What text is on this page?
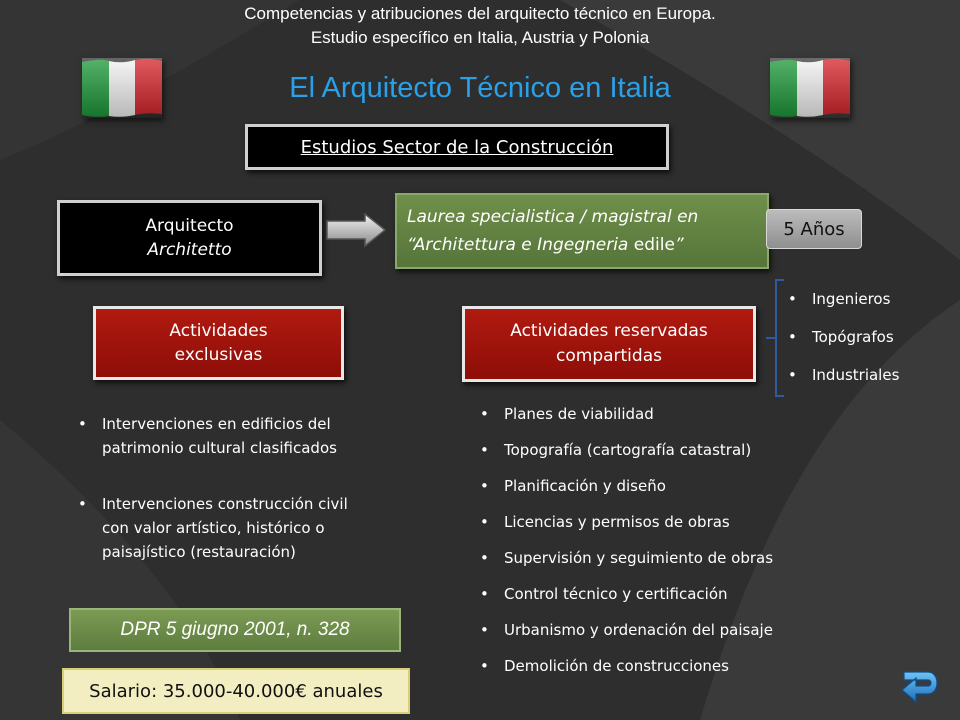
Competencias y atribuciones del arquitecto técnico en Europa.
Estudio específico en Italia, Austria y Polonia
El Arquitecto Técnico en Italia
Estudios Sector de la Construcción
Arquitecto
Architetto
Laurea specialistica / magistral en
“Architettura e Ingegneria edile”
5 Años
Actividades
exclusivas
Actividades reservadas
compartidas
• Ingenieros
• Topógrafos
• Industriales
• Intervenciones en edificios del
patrimonio cultural clasificados
• Intervenciones construcción civil
con valor artístico, histórico o
paisajístico (restauración)
• Planes de viabilidad
• Topografía (cartografía catastral)
• Planificación y diseño
• Licencias y permisos de obras
• Supervisión y seguimiento de obras
• Control técnico y certificación
• Urbanismo y ordenación del paisaje
• Demolición de construcciones
DPR 5 giugno 2001, n. 328
Salario: 35.000-40.000€ anuales
